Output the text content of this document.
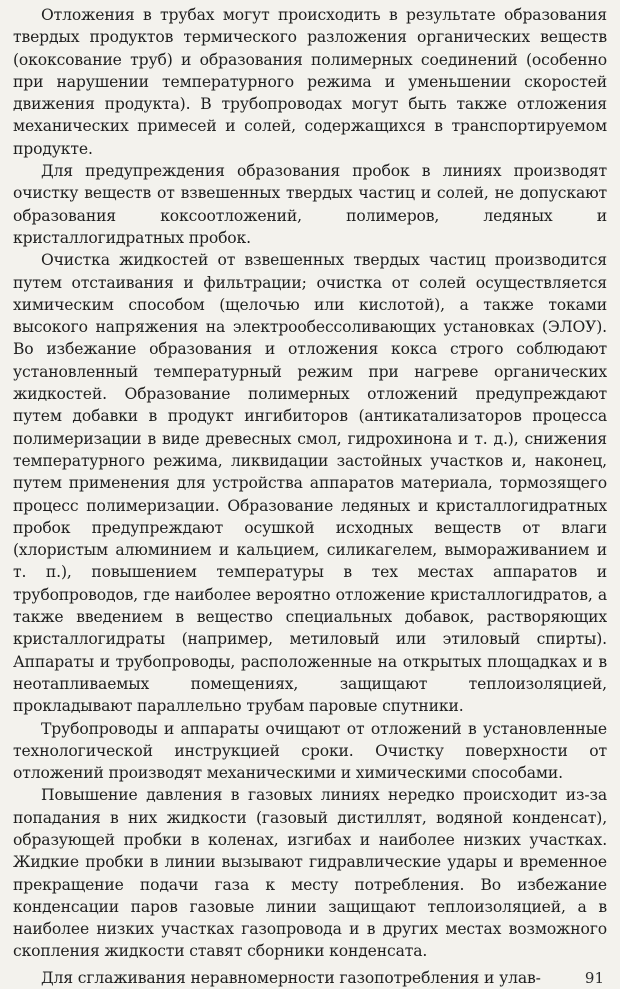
Отложения в трубах могут происходить в результате образования твердых продуктов термического разложения органических веществ (ококсование труб) и образования полимерных соединений (особенно при нарушении температурного режима и уменьшении скоростей движения продукта). В трубопроводах могут быть также отложения механических примесей и солей, содержащихся в транспортируемом продукте.

Для предупреждения образования пробок в линиях производят очистку веществ от взвешенных твердых частиц и солей, не допускают образования коксоотложений, полимеров, ледяных и кристаллогидратных пробок.

Очистка жидкостей от взвешенных твердых частиц производится путем отстаивания и фильтрации; очистка от солей осуществляется химическим способом (щелочью или кислотой), а также токами высокого напряжения на электрообессоливающих установках (ЭЛОУ). Во избежание образования и отложения кокса строго соблюдают установленный температурный режим при нагреве органических жидкостей. Образование полимерных отложений предупреждают путем добавки в продукт ингибиторов (антикатализаторов процесса полимеризации в виде древесных смол, гидрохинона и т. д.), снижения температурного режима, ликвидации застойных участков и, наконец, путем применения для устройства аппаратов материала, тормозящего процесс полимеризации. Образование ледяных и кристаллогидратных пробок предупреждают осушкой исходных веществ от влаги (хлористым алюминием и кальцием, силикагелем, вымораживанием и т. п.), повышением температуры в тех местах аппаратов и трубопроводов, где наиболее вероятно отложение кристаллогидратов, а также введением в вещество специальных добавок, растворяющих кристаллогидраты (например, метиловый или этиловый спирты). Аппараты и трубопроводы, расположенные на открытых площадках и в неотапливаемых помещениях, защищают теплоизоляцией, прокладывают параллельно трубам паровые спутники.

Трубопроводы и аппараты очищают от отложений в установленные технологической инструкцией сроки. Очистку поверхности от отложений производят механическими и химическими способами.

Повышение давления в газовых линиях нередко происходит из-за попадания в них жидкости (газовый дистиллят, водяной конденсат), образующей пробки в коленах, изгибах и наиболее низких участках. Жидкие пробки в линии вызывают гидравлические удары и временное прекращение подачи газа к месту потребления. Во избежание конденсации паров газовые линии защищают теплоизоляцией, а в наиболее низких участках газопровода и в других местах возможного скопления жидкости ставят сборники конденсата.

Для сглаживания неравномерности газопотребления и улав-	91
